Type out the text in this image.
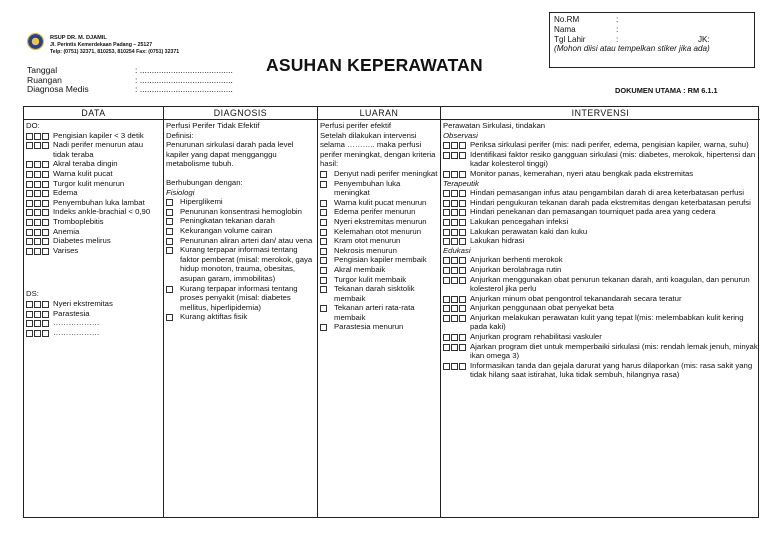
RSUP DR. M. DJAMIL
Jl. Perintis Kemerdekaan Padang – 25127
Telp: (0751) 32371, 810253, 810254 Fax: (0751) 32371
Tanggal	: .......................................
Ruangan	: .......................................
Diagnosa Medis	: .......................................
ASUHAN KEPERAWATAN
No.RM	:
Nama	:
Tgl Lahir	:	JK:
(Mohon diisi atau tempelkan stiker jika ada)
DOKUMEN UTAMA : RM 6.1.1
DATA
DO:
Pengisian kapiler < 3 detik
Nadi perifer menurun atau tidak teraba
Akral teraba dingin
Warna kulit pucat
Turgor kulit menurun
Edema
Penyembuhan luka lambat
Indeks ankle-brachial < 0,90
Tromboplebitis
Anemia
Diabetes melirus
Varises
DS:
Nyeri ekstremitas
Parastesia
………………
………………
DIAGNOSIS
Perfusi Perifer Tidak Efektif
Definisi:
Penurunan sirkulasi darah pada level kapiler yang dapat mengganggu metabolisme tubuh.
Berhubungan dengan:
Fisiologi
Hiperglikemi
Penurunan konsentrasi hemoglobin
Peningkatan tekanan darah
Kekurangan volume cairan
Penurunan aliran arteri dan/ atau vena
Kurang terpapar informasi tentang faktor pemberat (misal: merokok, gaya hidup monoton, trauma, obesitas, asupan garam, immobilitas)
Kurang terpapar informasi tentang proses penyakit (misal: diabetes mellitus, hiperlipidemia)
Kurang aktiftas fisik
LUARAN
Perfusi perifer efektif
Setelah dilakukan intervensi selama ……….. maka perfusi perifer meningkat, dengan kriteria hasil:
Denyut nadi perifer meningkat
Penyembuhan luka meningkat
Warna kulit pucat menurun
Edema perifer menurun
Nyeri ekstremitas menurun
Kelemahan otot menurun
Kram otot menurun
Nekrosis menurun
Pengisian kapiler membaik
Akral membaik
Turgor kulit membaik
Tekanan darah sisktolik membaik
Tekanan arteri rata-rata membaik
Parastesia menurun
INTERVENSI
Perawatan Sirkulasi, tindakan
Observasi
Periksa sirkulasi perifer (mis: nadi perifer, edema, pengisian kapiler, warna, suhu)
Identifikasi faktor resiko gangguan sirkulasi (mis: diabetes, merokok, hipertensi dan kadar kolesterol tinggi)
Monitor panas, kemerahan, nyeri atau bengkak pada ekstremitas
Terapeutik
Hindari pemasangan infus atau pengambilan darah di area keterbatasan perfusi
Hindari pengukuran tekanan darah pada ekstremitas dengan keterbatasan perufsi
Hindari penekanan dan pemasangan tourniquet pada area yang cedera
Lakukan pencegahan infeksi
Lakukan perawatan kaki dan kuku
Lakukan hidrasi
Edukasi
Anjurkan berhenti merokok
Anjurkan berolahraga rutin
Anjurkan menggunakan obat penurun tekanan darah, anti koagulan, dan penurun kolesterol jika perlu
Anjurkan minum obat pengontrol tekanandarah secara teratur
Anjurkan penggunaan obat penyekat beta
Anjurkan melakukan perawatan kulit yang tepat l(mis: melembabkan kulit kering pada kaki)
Anjurkan program rehabilitasi vaskuler
Ajarkan program diet untuk memperbaiki sirkulasi (mis: rendah lemak jenuh, minyak ikan omega 3)
Informasikan tanda dan gejala darurat yang harus dilaporkan (mis: rasa sakit yang tidak hilang saat istirahat, luka tidak sembuh, hilangnya rasa)
